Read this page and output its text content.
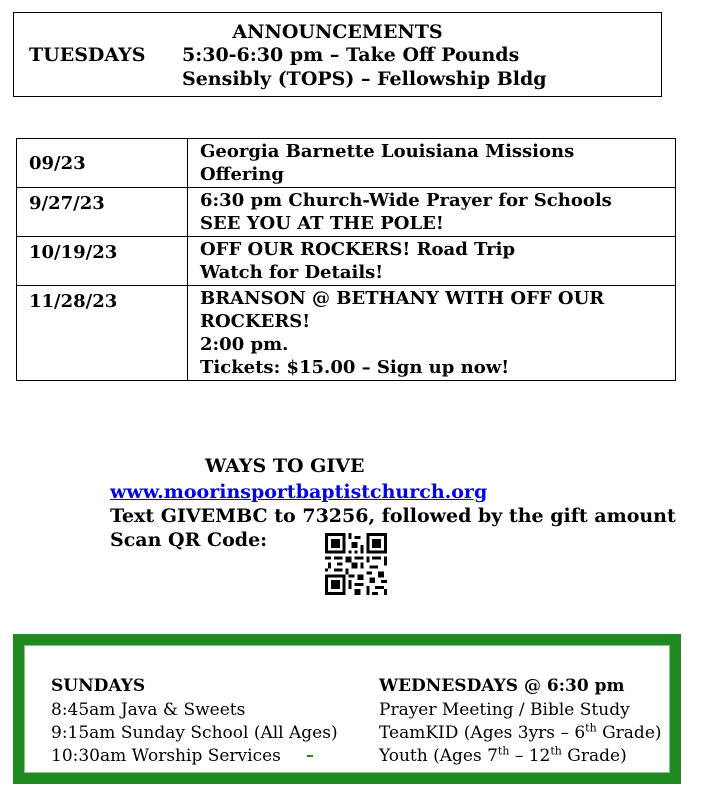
ANNOUNCEMENTS
TUESDAYS 5:30-6:30 pm – Take Off Pounds
Sensibly (TOPS) – Fellowship Bldg
09/23	Georgia Barnette Louisiana Missions
Offering

9/27/23	6:30 pm Church-Wide Prayer for Schools
SEE YOU AT THE POLE!

10/19/23	OFF OUR ROCKERS! Road Trip
Watch for Details!

11/28/23	BRANSON @ BETHANY WITH OFF OUR
ROCKERS!
2:00 pm.
Tickets: $15.00 – Sign up now!
WAYS TO GIVE
www.moorinsportbaptistchurch.org
Text GIVEMBC to 73256, followed by the gift amount
Scan QR Code:
SUNDAYS
8:45am Java & Sweets
9:15am Sunday School (All Ages)
10:30am Worship Services
WEDNESDAYS @ 6:30 pm
Prayer Meeting / Bible Study
TeamKID (Ages 3yrs – 6th Grade)
Youth (Ages 7th – 12th Grade)
